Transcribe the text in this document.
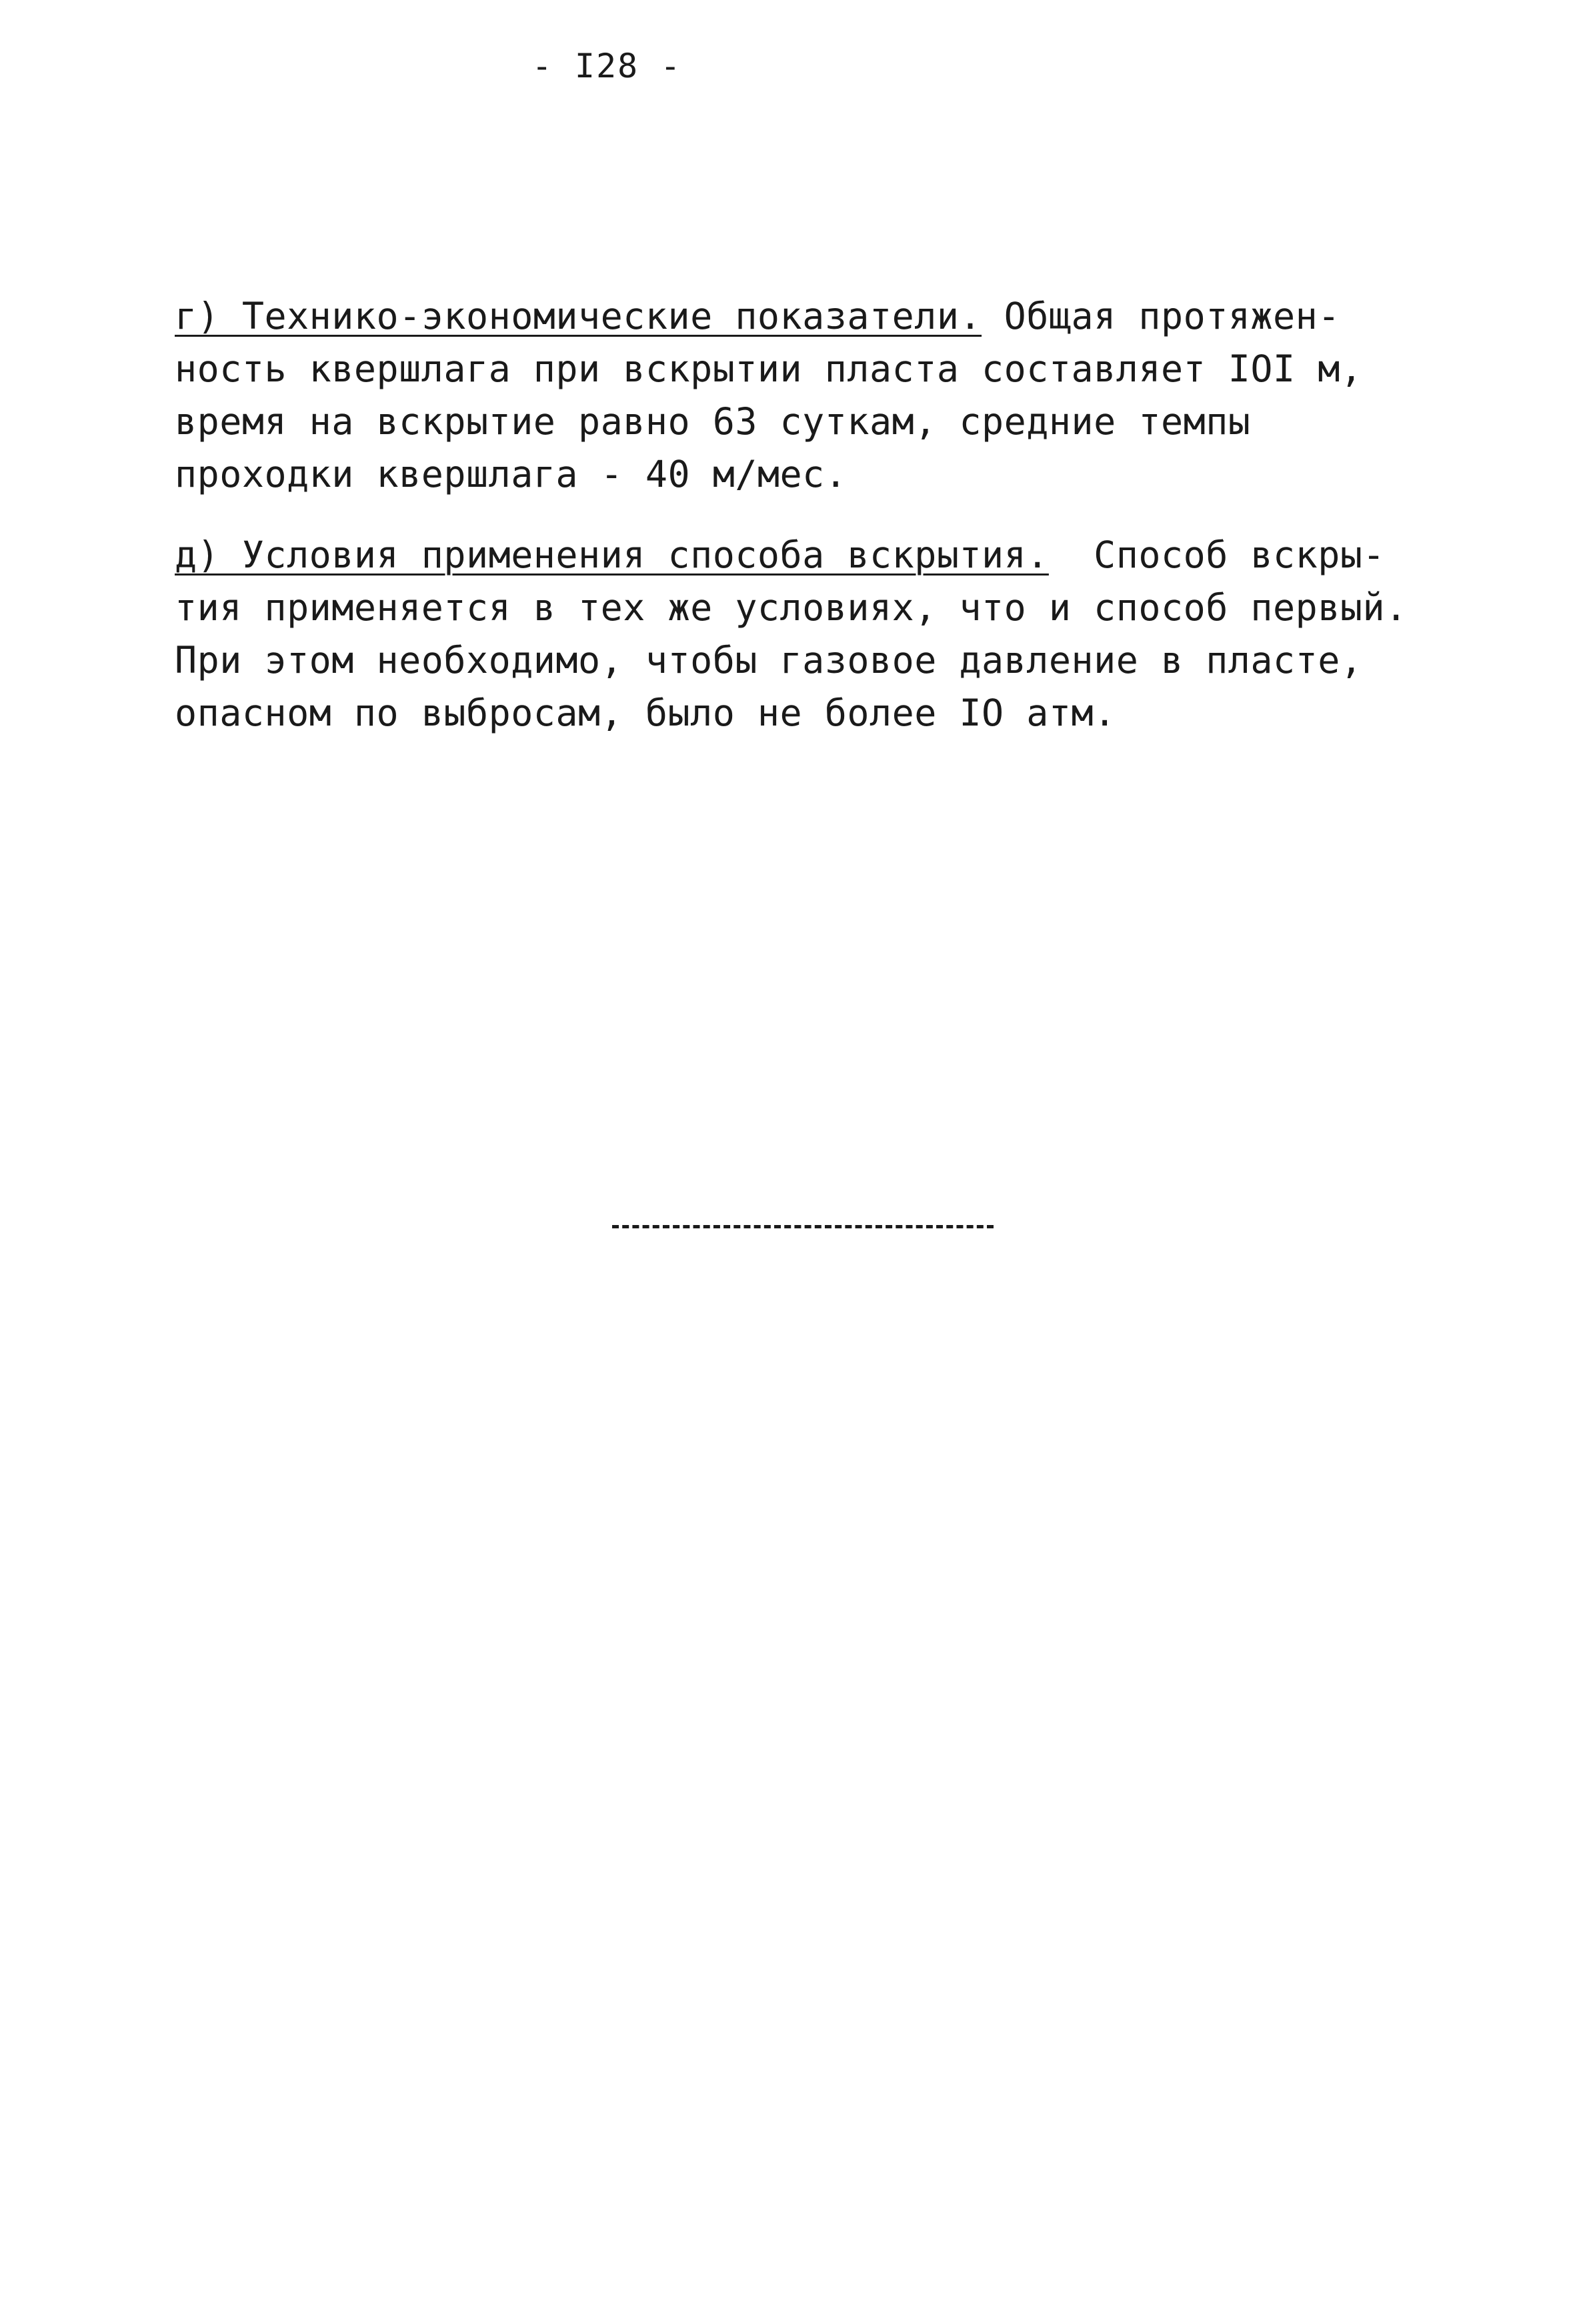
- I28 -
г) Технико-экономические показатели. Общая протяжен-
ность квершлага при вскрытии пласта составляет IOI м,
время на вскрытие равно 63 суткам, средние темпы
проходки квершлага - 40 м/мес.
д) Условия применения способа вскрытия.  Способ вскры-
тия применяется в тех же условиях, что и способ первый.
При этом необходимо, чтобы газовое давление в пласте,
опасном по выбросам, было не более IO атм.
